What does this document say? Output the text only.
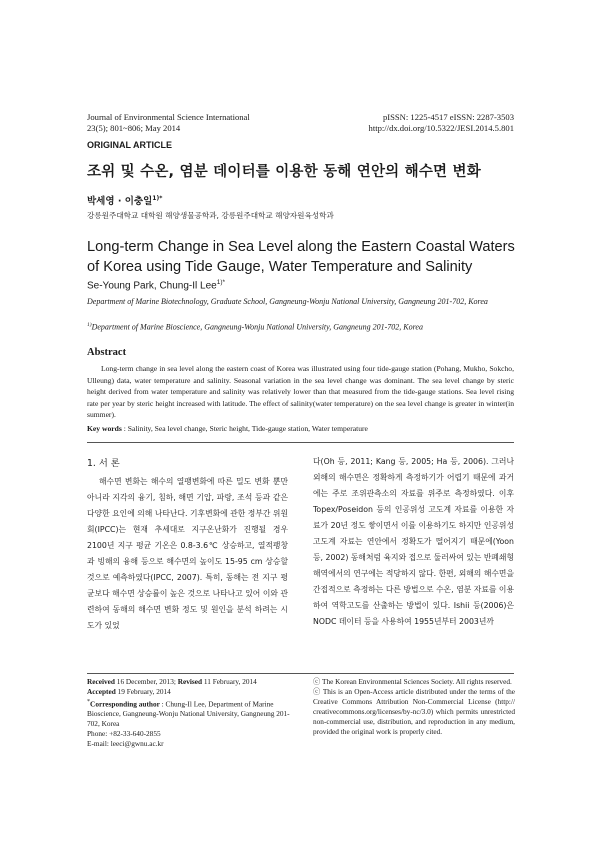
Journal of Environmental Science International
23(5); 801~806; May 2014
pISSN: 1225-4517 eISSN: 2287-3503
http://dx.doi.org/10.5322/JESI.2014.5.801
ORIGINAL ARTICLE
조위 및 수온, 염분 데이터를 이용한 동해 연안의 해수면 변화
박세영 · 이충일$^{1)*}$
강릉원주대학교 대학원 해양생물공학과, 강릉원주대학교 해양자원육성학과
Long-term Change in Sea Level along the Eastern Coastal Waters of Korea using Tide Gauge, Water Temperature and Salinity
Se-Young Park, Chung-Il Lee$^{1)*}$
Department of Marine Biotechnology, Graduate School, Gangneung-Wonju National University, Gangneung 201-702, Korea
$^{1)}$Department of Marine Bioscience, Gangneung-Wonju National University, Gangneung 201-702, Korea
Abstract
Long-term change in sea level along the eastern coast of Korea was illustrated using four tide-gauge station (Pohang, Mukho, Sokcho, Ulleung) data, water temperature and salinity. Seasonal variation in the sea level change was dominant. The sea level change by steric height derived from water temperature and salinity was relatively lower than that measured from the tide-gauge stations. Sea level rising rate per year by steric height increased with latitude. The effect of salinity(water temperature) on the sea level change is greater in winter(in summer).
Key words : Salinity, Sea level change, Steric height, Tide-gauge station, Water temperature
1. 서 론
해수면 변화는 해수의 열팽변화에 따른 밀도 변화 뿐만 아니라 지각의 융기, 침하, 해면 기압, 파랑, 조석 등과 같은 다양한 요인에 의해 나타난다. 기후변화에 관한 정부간 위원회(IPCC)는 현재 추세대로 지구온난화가 진행될 경우 2100년 지구 평균 기온은 0.8-3.6℃ 상승하고, 열적팽창과 빙해의 융해 등으로 해수면의 높이도 15-95 cm 상승할 것으로 예측하였다(IPCC, 2007). 특히, 동해는 전 지구 평균보다 해수면 상승률이 높은 것으로 나타나고 있어 이와 관련하여 동해의 해수면 변화 정도 및 원인을 분석 하려는 시도가 있었
다(Oh 등, 2011; Kang 등, 2005; Ha 등, 2006). 그러나 외해의 해수면은 정확하게 측정하기가 어렵기 때문에 과거에는 주로 조위관측소의 자료를 위주로 측정하였다. 이후 Topex/Poseidon 등의 인공위성 고도계 자료를 이용한 자료가 20년 정도 쌓이면서 이를 이용하기도 하지만 인공위성 고도계 자료는 연안에서 정확도가 떨어지기 때문에(Yoon 등, 2002) 동해처럼 육지와 접으로 둘러싸여 있는 반폐쇄형 해역에서의 연구에는 적당하지 않다. 한편, 외해의 해수면을 간접적으로 측정하는 다른 방법으로 수온, 염분 자료를 이용하여 역학고도를 산출하는 방법이 있다. Ishii 등(2006)은 NODC 데이터 등을 사용하여 1955년부터 2003년까
Received 16 December, 2013; Revised 11 February, 2014
Accepted 19 February, 2014
*Corresponding author : Chung-Il Lee, Department of Marine Bioscience, Gangneung-Wonju National University, Gangneung 201-702, Korea
Phone: +82-33-640-2855
E-mail: leeci@gwnu.ac.kr
ⓒ The Korean Environmental Sciences Society. All rights reserved.
ⓒ This is an Open-Access article distributed under the terms of the Creative Commons Attribution Non-Commercial License (http:// creativecommons.org/licenses/by-nc/3.0) which permits unrestricted non-commercial use, distribution, and reproduction in any medium, provided the original work is properly cited.
